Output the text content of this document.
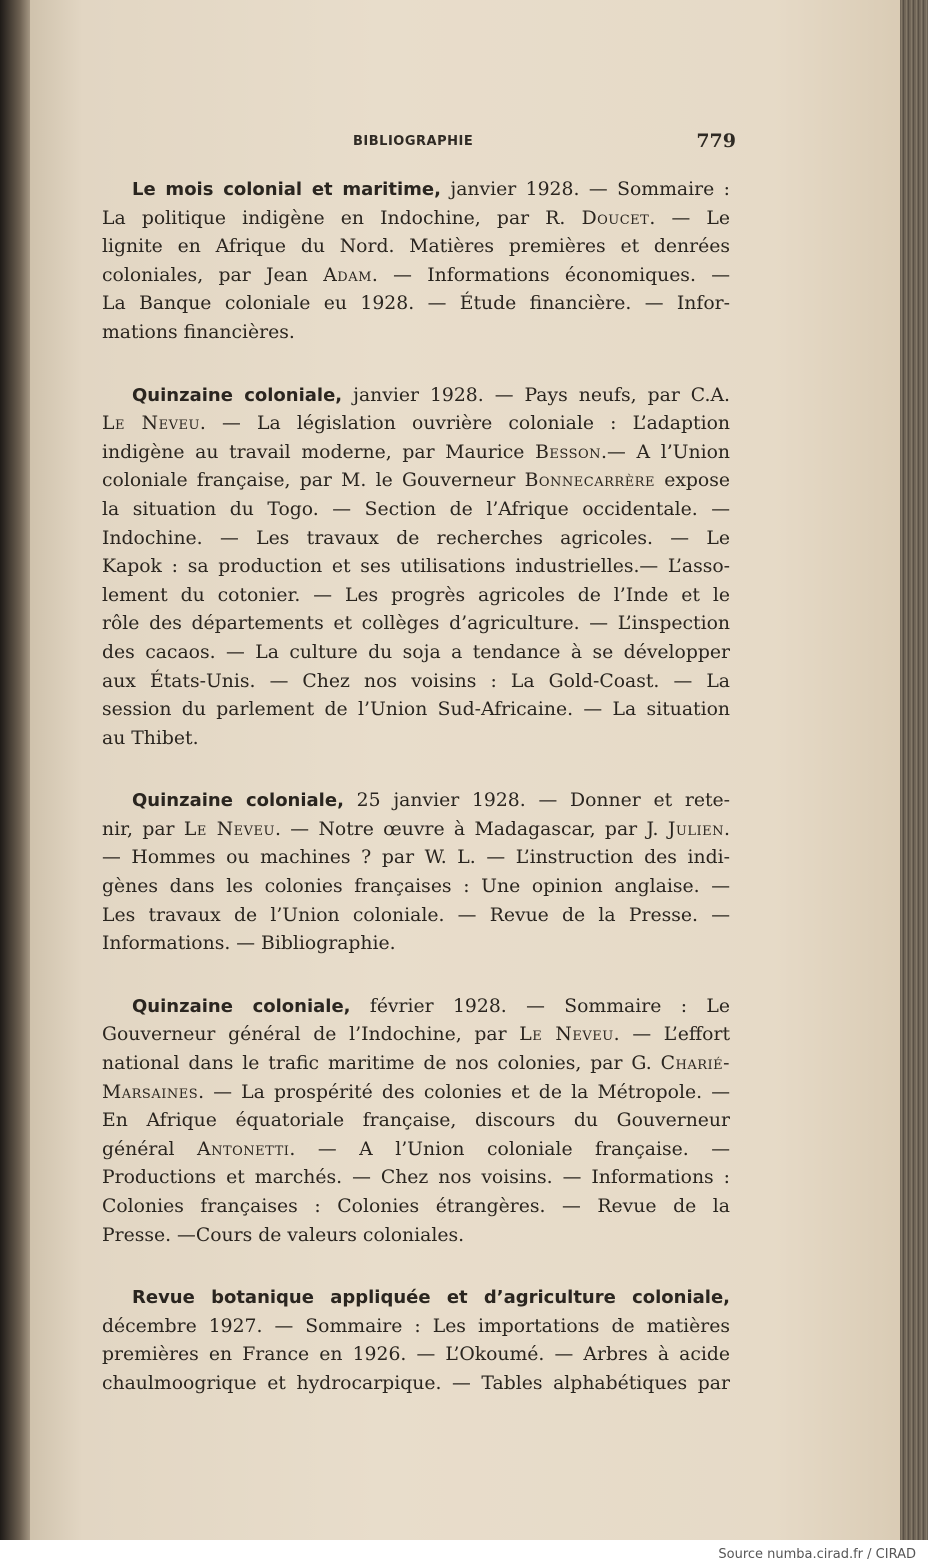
BIBLIOGRAPHIE	779
Le mois colonial et maritime, janvier 1928. — Sommaire :
La politique indigène en Indochine, par R. Doucet. — Le
lignite en Afrique du Nord. Matières premières et denrées
coloniales, par Jean Adam. — Informations économiques. —
La Banque coloniale eu 1928. — Étude financière. — Infor-
mations financières.
Quinzaine coloniale, janvier 1928. — Pays neufs, par C.A.
Le Neveu. — La législation ouvrière coloniale : L’adaption
indigène au travail moderne, par Maurice Besson.— A l’Union
coloniale française, par M. le Gouverneur Bonnecarrère expose
la situation du Togo. — Section de l’Afrique occidentale. —
Indochine. — Les travaux de recherches agricoles. — Le
Kapok : sa production et ses utilisations industrielles.— L’asso-
lement du cotonier. — Les progrès agricoles de l’Inde et le
rôle des départements et collèges d’agriculture. — L’inspection
des cacaos. — La culture du soja a tendance à se développer
aux États-Unis. — Chez nos voisins : La Gold-Coast. — La
session du parlement de l’Union Sud-Africaine. — La situation
au Thibet.
Quinzaine coloniale, 25 janvier 1928. — Donner et rete-
nir, par Le Neveu. — Notre œuvre à Madagascar, par J. Julien.
— Hommes ou machines ? par W. L. — L’instruction des indi-
gènes dans les colonies françaises : Une opinion anglaise. —
Les travaux de l’Union coloniale. — Revue de la Presse. —
Informations. — Bibliographie.
Quinzaine coloniale, février 1928. — Sommaire : Le
Gouverneur général de l’Indochine, par Le Neveu. — L’effort
national dans le trafic maritime de nos colonies, par G. Charié-
Marsaines. — La prospérité des colonies et de la Métropole. —
En Afrique équatoriale française, discours du Gouverneur
général Antonetti. — A l’Union coloniale française. —
Productions et marchés. — Chez nos voisins. — Informations :
Colonies françaises : Colonies étrangères. — Revue de la
Presse. —Cours de valeurs coloniales.
Revue botanique appliquée et d’agriculture coloniale,
décembre 1927. — Sommaire : Les importations de matières
premières en France en 1926. — L’Okoumé. — Arbres à acide
chaulmoogrique et hydrocarpique. — Tables alphabétiques par
Source numba.cirad.fr / CIRAD
